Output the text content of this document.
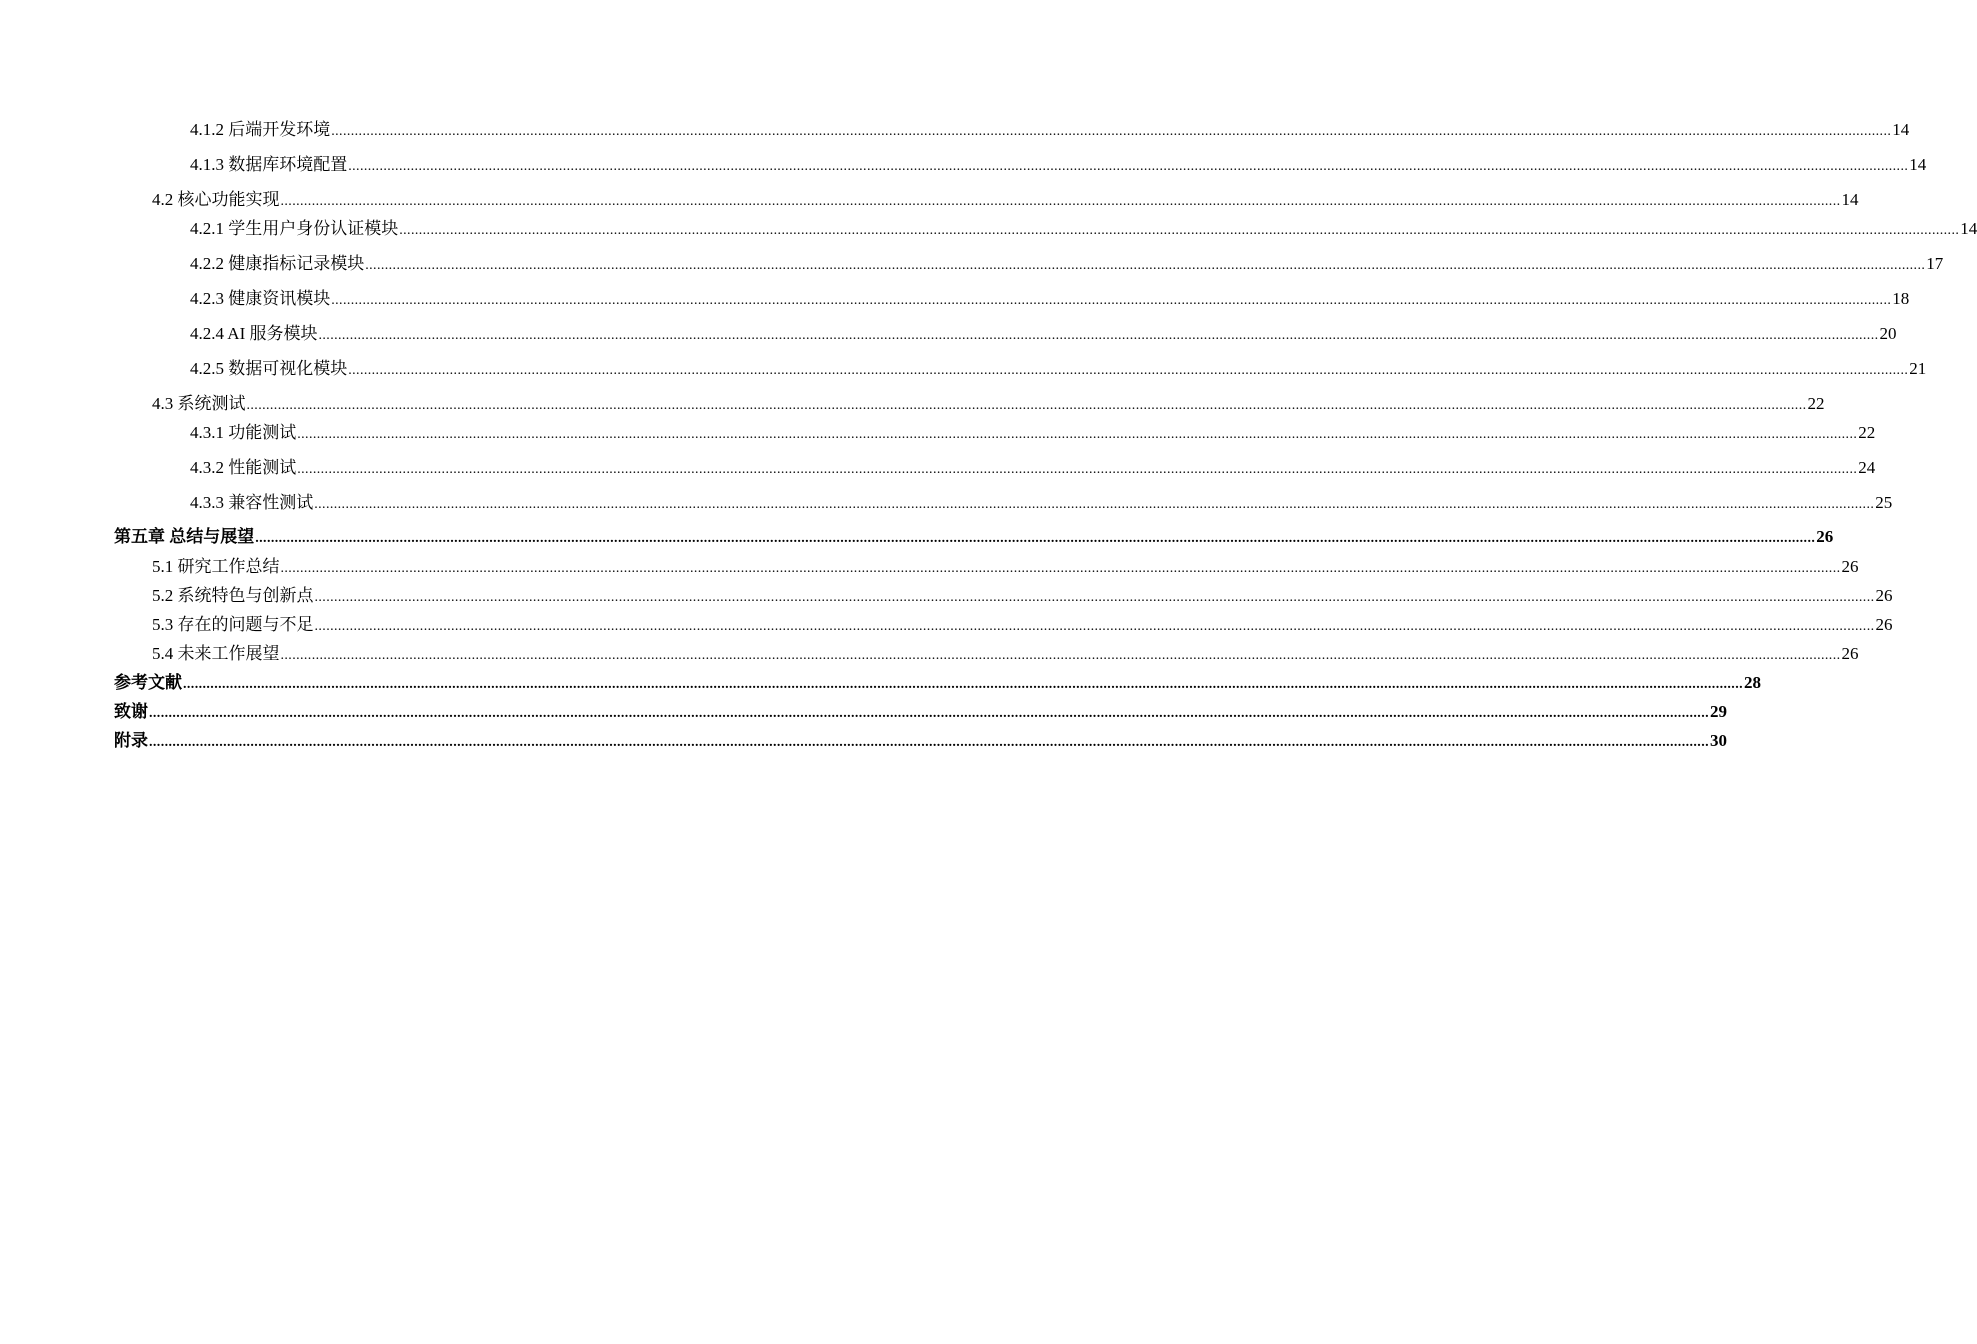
4.1.2 后端开发环境 ................................................................................................................................................................................................................................................................................................................................................................................................................ 14
4.1.3 数据库环境配置 ................................................................................................................................................................................................................................................................................................................................................................................................................ 14
4.2 核心功能实现 ................................................................................................................................................................................................................................................................................................................................................................................................................ 14
4.2.1 学生用户身份认证模块 ................................................................................................................................................................................................................................................................................................................................................................................................................ 14
4.2.2 健康指标记录模块 ................................................................................................................................................................................................................................................................................................................................................................................................................ 17
4.2.3 健康资讯模块 ................................................................................................................................................................................................................................................................................................................................................................................................................ 18
4.2.4 AI 服务模块 ................................................................................................................................................................................................................................................................................................................................................................................................................ 20
4.2.5 数据可视化模块 ................................................................................................................................................................................................................................................................................................................................................................................................................ 21
4.3 系统测试 ................................................................................................................................................................................................................................................................................................................................................................................................................ 22
4.3.1 功能测试 ................................................................................................................................................................................................................................................................................................................................................................................................................ 22
4.3.2 性能测试 ................................................................................................................................................................................................................................................................................................................................................................................................................ 24
4.3.3 兼容性测试 ................................................................................................................................................................................................................................................................................................................................................................................................................ 25
第五章 总结与展望 ................................................................................................................................................................................................................................................................................................................................................................................................................ 26
5.1 研究工作总结 ................................................................................................................................................................................................................................................................................................................................................................................................................ 26
5.2 系统特色与创新点 ................................................................................................................................................................................................................................................................................................................................................................................................................ 26
5.3 存在的问题与不足 ................................................................................................................................................................................................................................................................................................................................................................................................................ 26
5.4 未来工作展望 ................................................................................................................................................................................................................................................................................................................................................................................................................ 26
参考文献 ................................................................................................................................................................................................................................................................................................................................................................................................................ 28
致谢 ................................................................................................................................................................................................................................................................................................................................................................................................................ 29
附录 ................................................................................................................................................................................................................................................................................................................................................................................................................ 30
